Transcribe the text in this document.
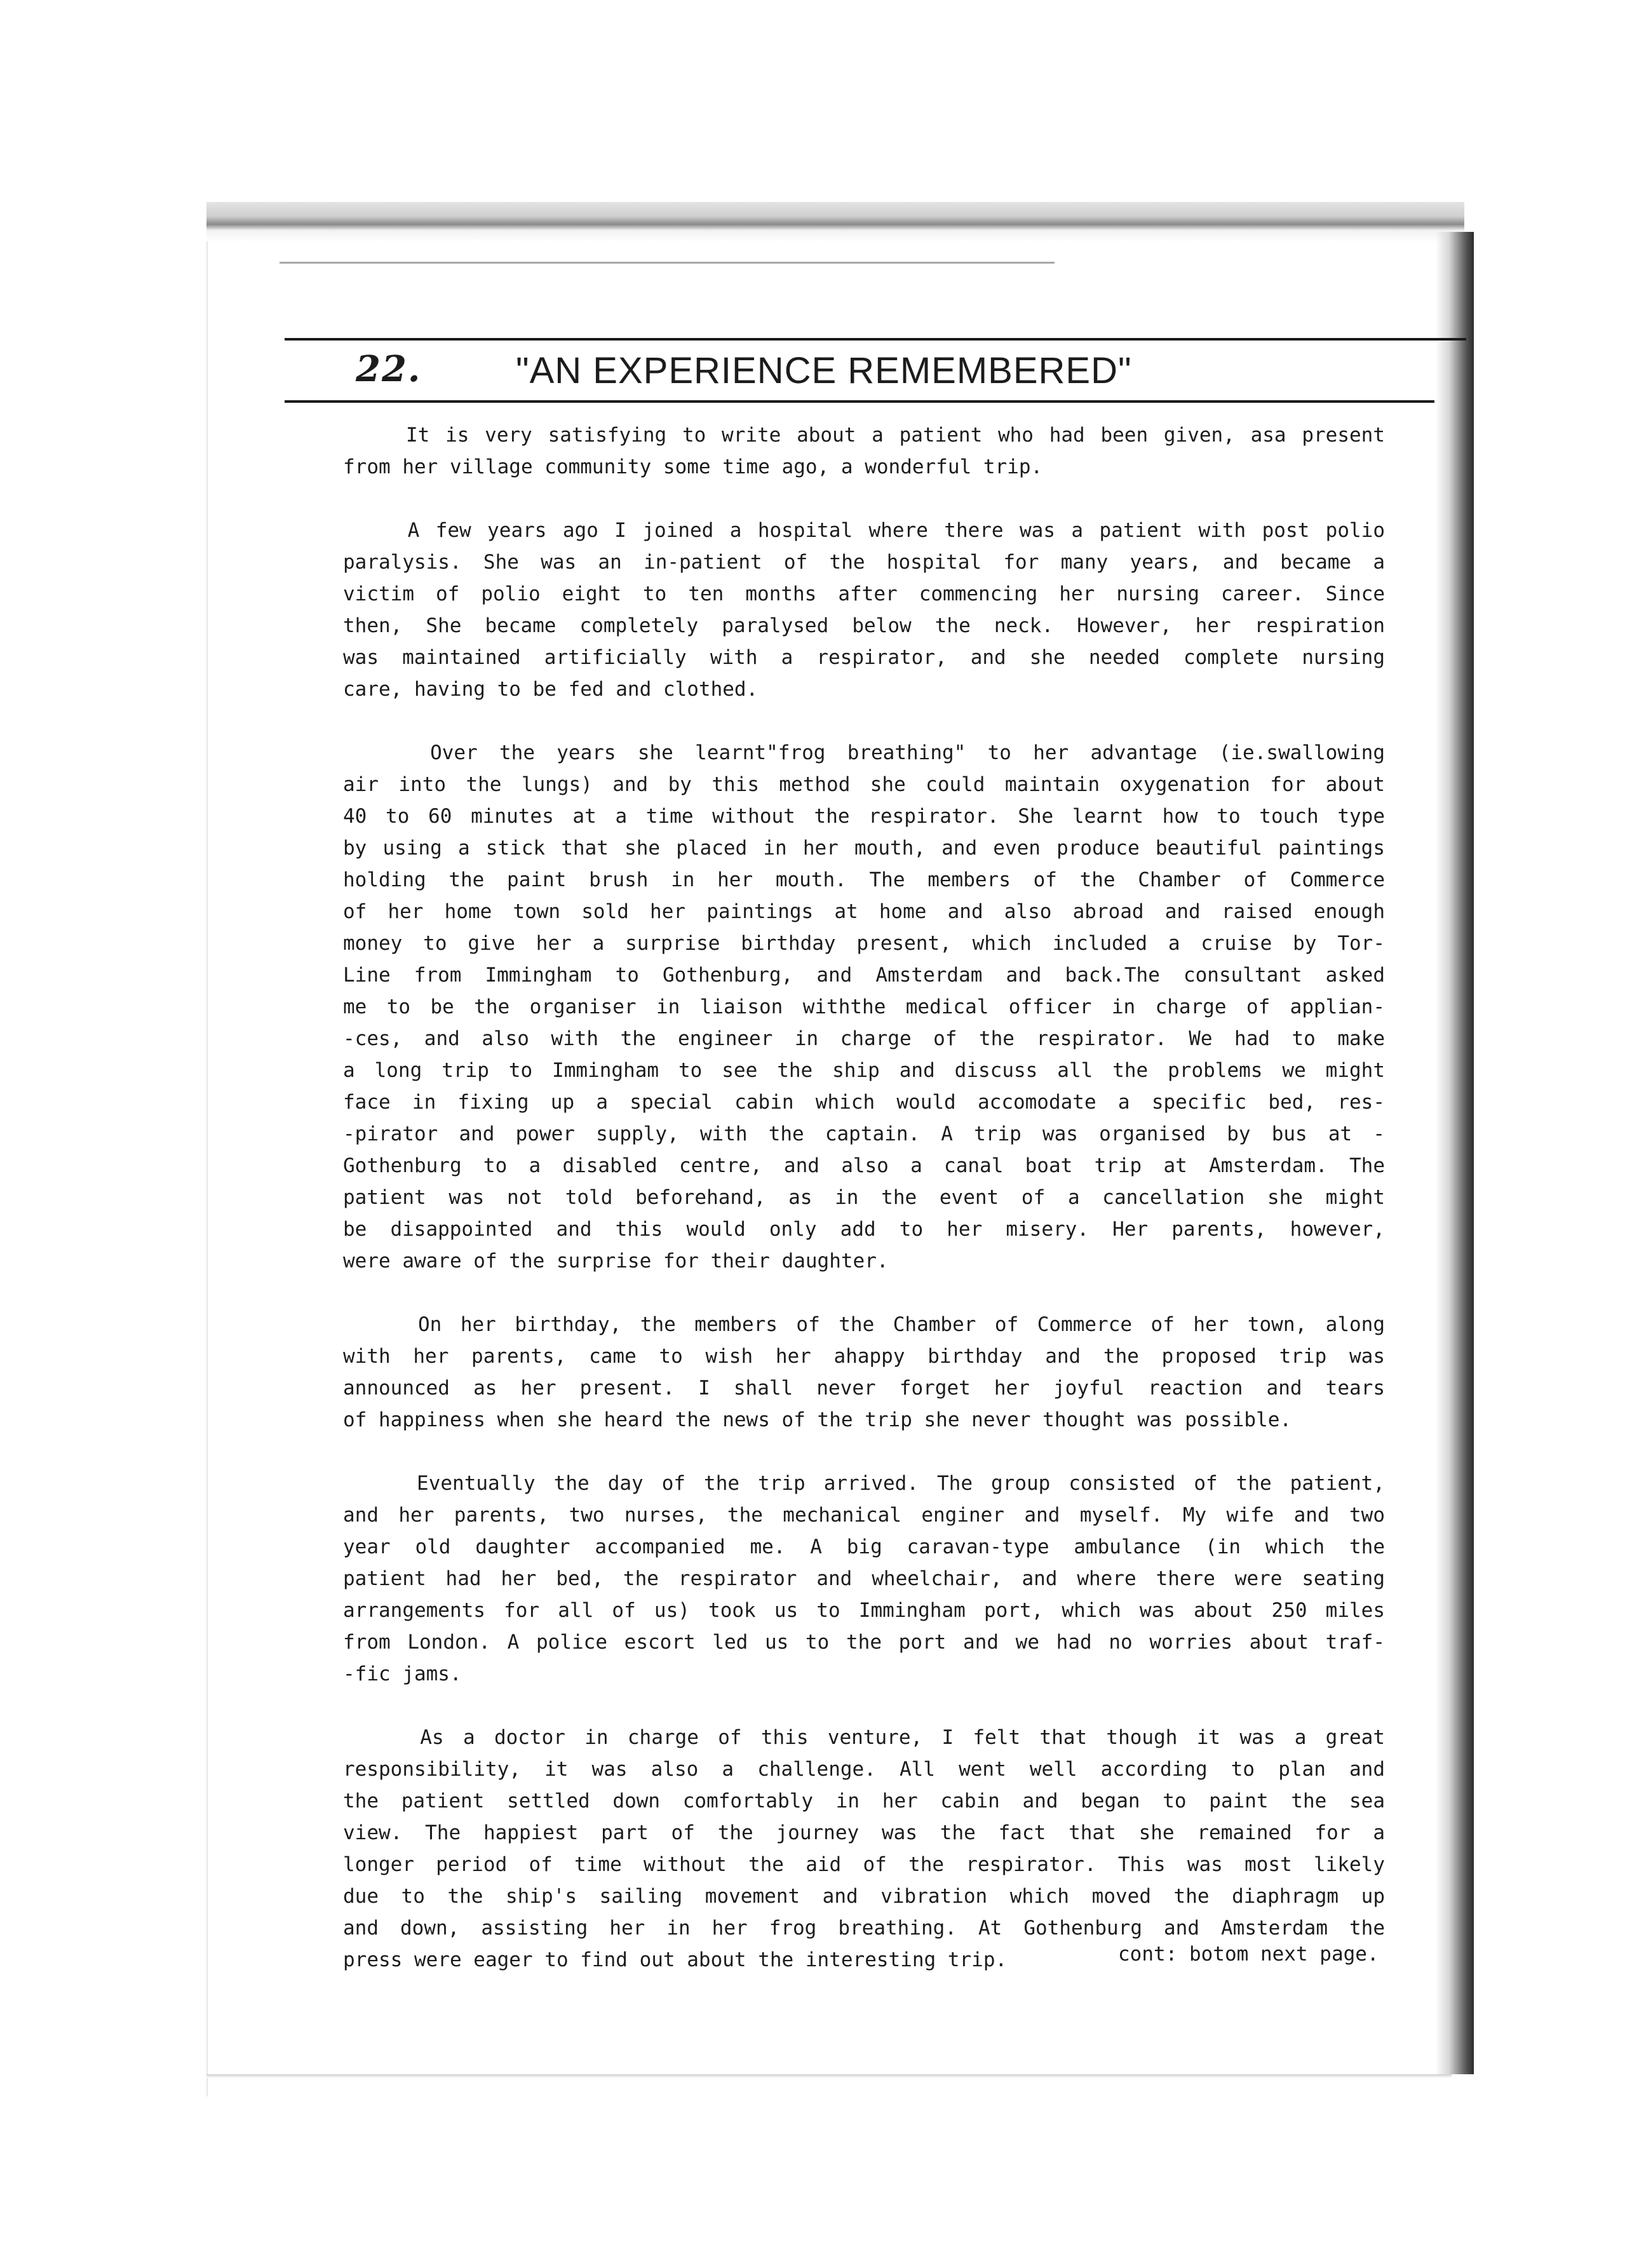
22.	"AN EXPERIENCE REMEMBERED"
It is very satisfying to write about a patient who had been given, asa present
from her village community some time ago, a wonderful trip.
A few years ago I joined a hospital where there was a patient with post polio
paralysis. She was an in-patient of the hospital for many years, and became a
victim of polio eight to ten months after commencing her nursing career. Since
then, She became completely paralysed below the neck. However, her respiration
was maintained artificially with a respirator, and she needed complete nursing
care, having to be fed and clothed.
Over the years she learnt"frog breathing" to her advantage (ie.swallowing
air into the lungs) and by this method she could maintain oxygenation for about
40 to 60 minutes at a time without the respirator. She learnt how to touch type
by using a stick that she placed in her mouth, and even produce beautiful paintings
holding the paint brush in her mouth. The members of the Chamber of Commerce
of her home town sold her paintings at home and also abroad and raised enough
money to give her a surprise birthday present, which included a cruise by Tor-
Line from Immingham to Gothenburg, and Amsterdam and back.The consultant asked
me to be the organiser in liaison withthe medical officer in charge of applian-
-ces, and also with the engineer in charge of the respirator. We had to make
a long trip to Immingham to see the ship and discuss all the problems we might
face in fixing up a special cabin which would accomodate a specific bed, res-
-pirator and power supply, with the captain. A trip was organised by bus at -
Gothenburg to a disabled centre, and also a canal boat trip at Amsterdam. The
patient was not told beforehand, as in the event of a cancellation she might
be disappointed and this would only add to her misery. Her parents, however,
were aware of the surprise for their daughter.
On her birthday, the members of the Chamber of Commerce of her town, along
with her parents, came to wish her ahappy birthday and the proposed trip was
announced as her present. I shall never forget her joyful reaction and tears
of happiness when she heard the news of the trip she never thought was possible.
Eventually the day of the trip arrived. The group consisted of the patient,
and her parents, two nurses, the mechanical enginer and myself. My wife and two
year old daughter accompanied me. A big caravan-type ambulance (in which the
patient had her bed, the respirator and wheelchair, and where there were seating
arrangements for all of us) took us to Immingham port, which was about 250 miles
from London. A police escort led us to the port and we had no worries about traf-
-fic jams.
As a doctor in charge of this venture, I felt that though it was a great
responsibility, it was also a challenge. All went well according to plan and
the patient settled down comfortably in her cabin and began to paint the sea
view. The happiest part of the journey was the fact that she remained for a
longer period of time without the aid of the respirator. This was most likely
due to the ship's sailing movement and vibration which moved the diaphragm up
and down, assisting her in her frog breathing. At Gothenburg and Amsterdam the
press were eager to find out about the interesting trip.	cont: botom next page.
